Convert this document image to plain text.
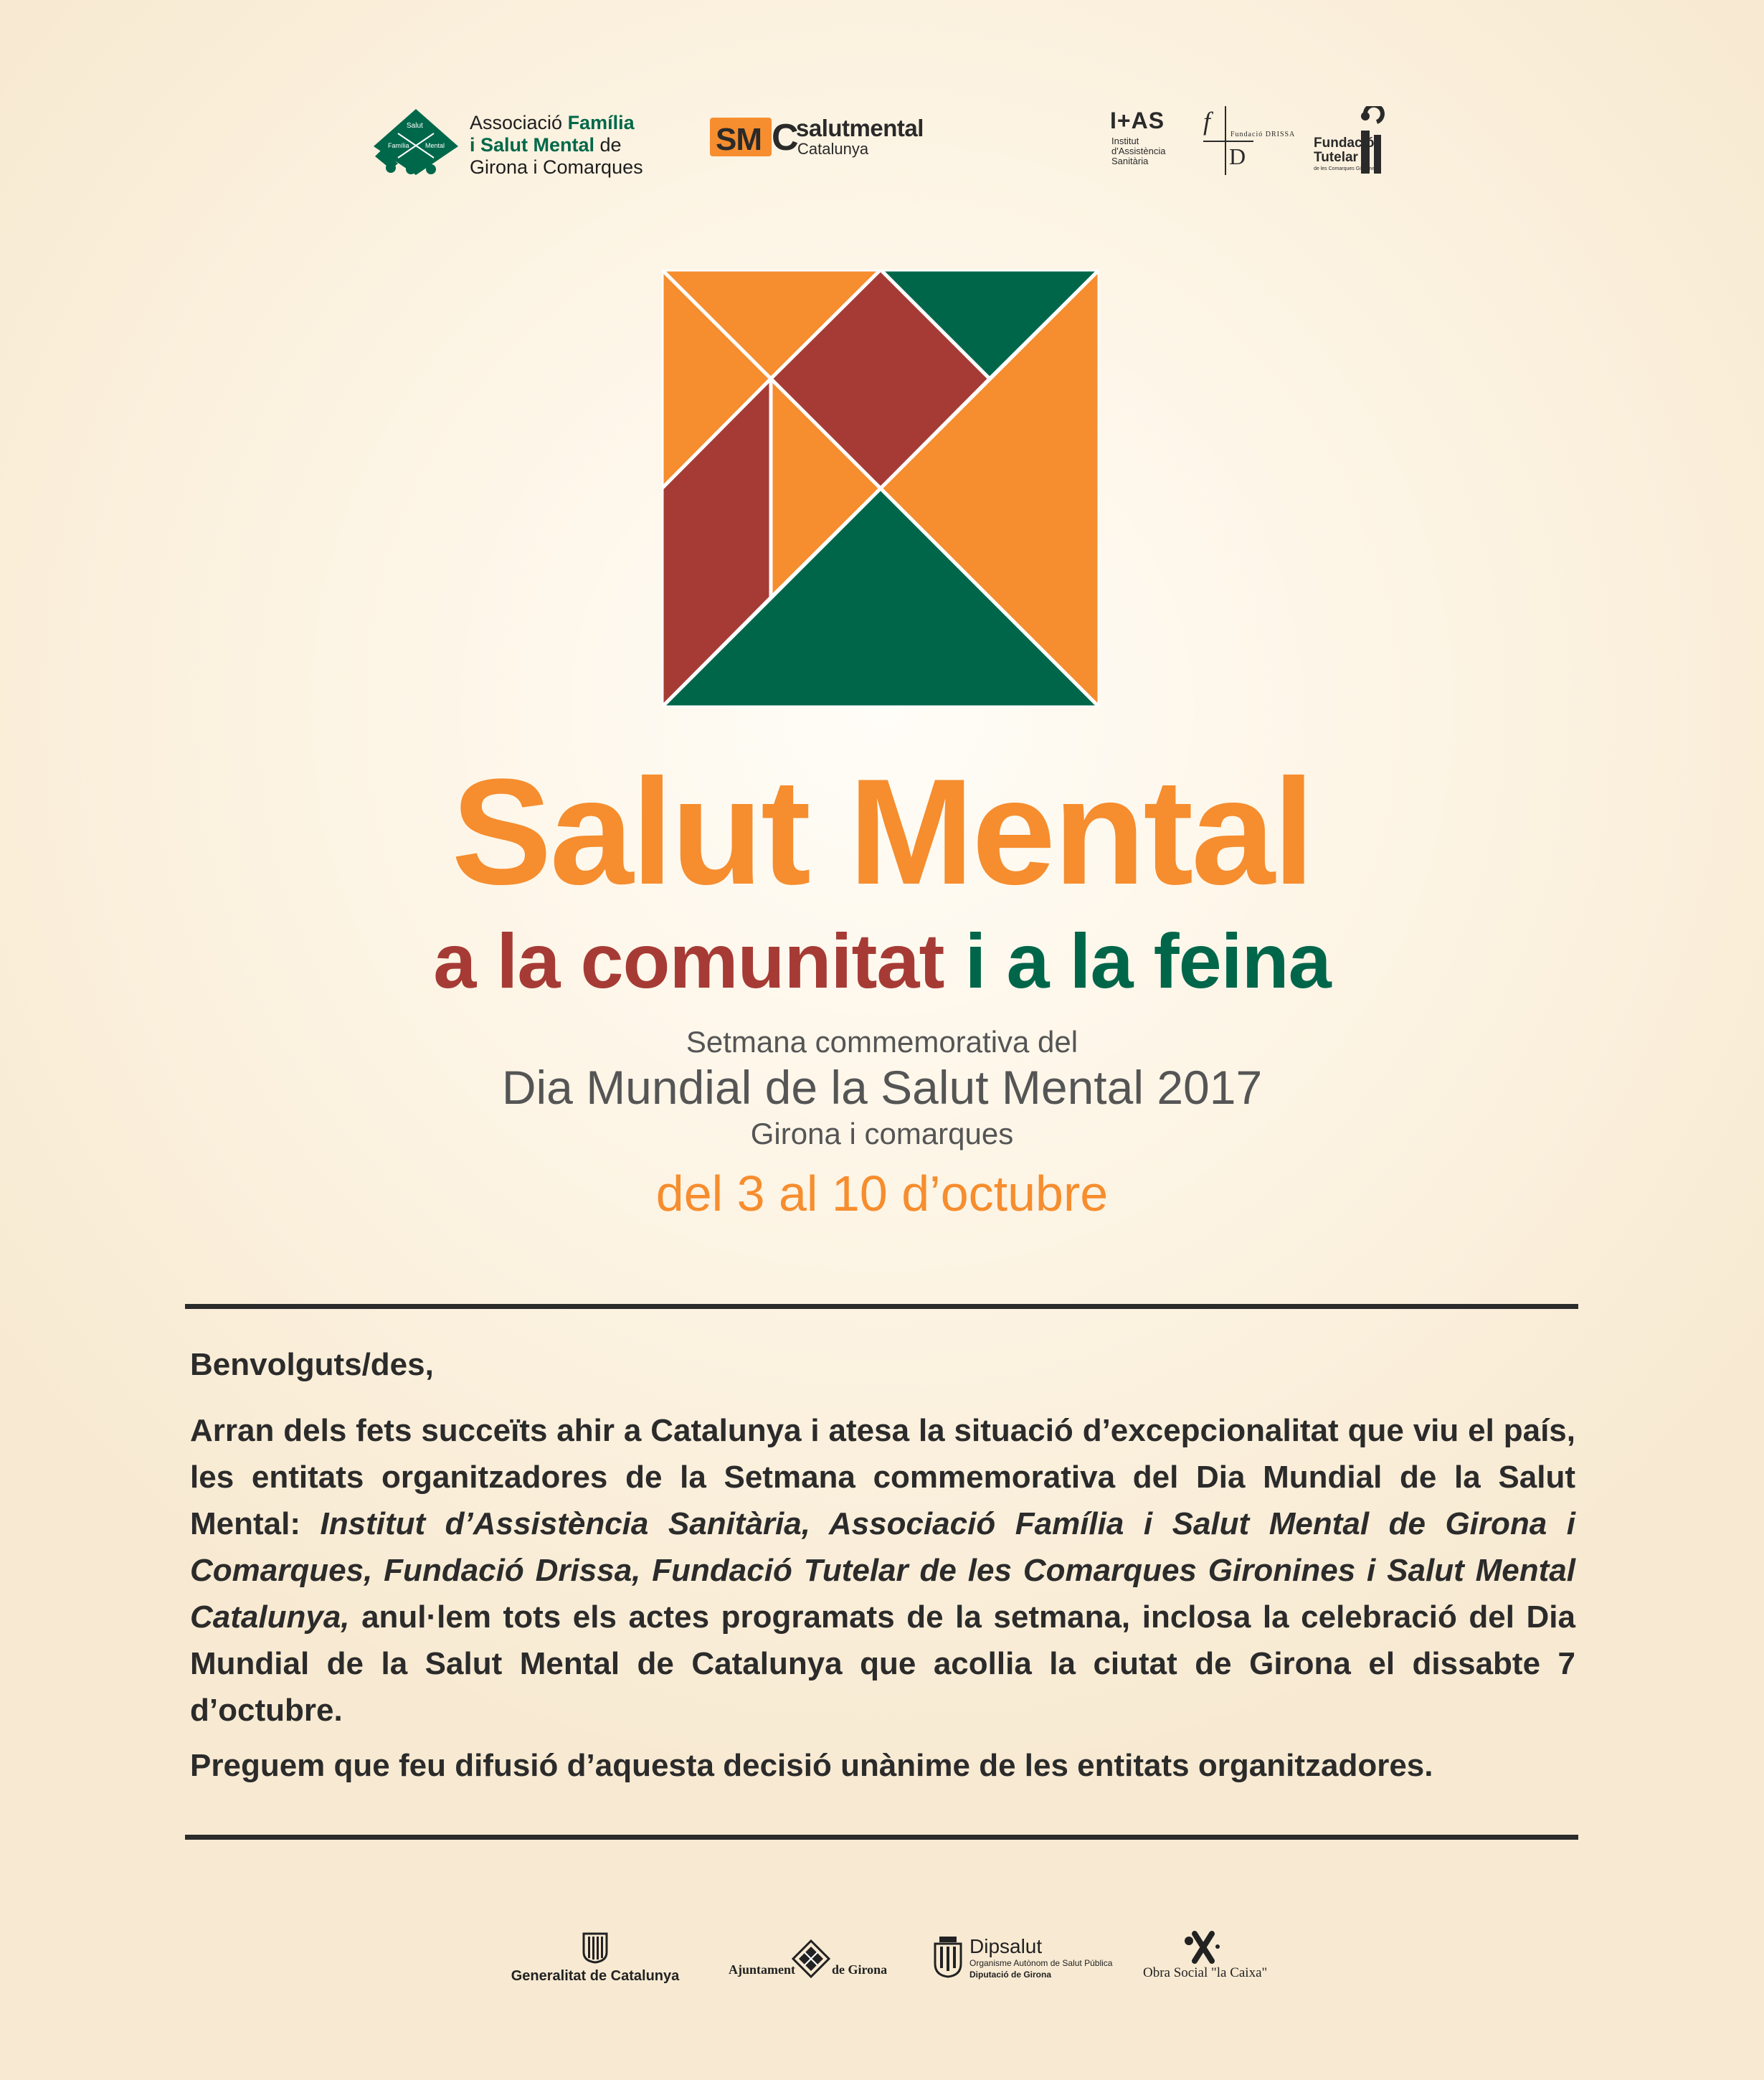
Salut
Família Mental
Associació Família
i Salut Mental de
Girona i Comarques
SM C
salutmental
Catalunya
I+AS
Institut
d'Assistència
Sanitària
f	Fundació DRISSA
D
Fundació
Tutelar
de les Comarques Gironines
Salut Mental
a la comunitat i a la feina
Setmana commemorativa del
Dia Mundial de la Salut Mental 2017
Girona i comarques
del 3 al 10 d’octubre

Benvolguts/des,

Arran dels fets succeïts ahir a Catalunya i atesa la situació d’excepcionalitat que viu el país, les entitats organitzadores de la Setmana commemorativa del Dia Mundial de la Salut Mental: Institut d’Assistència Sanitària, Associació Família i Salut Mental de Girona i Comarques, Fundació Drissa, Fundació Tutelar de les Comarques Gironines i Salut Mental Catalunya, anul·lem tots els actes programats de la setmana, inclosa la celebració del Dia Mundial de la Salut Mental de Catalunya que acollia la ciutat de Girona el dissabte 7 d’octubre.

Preguem que feu difusió d’aquesta decisió unànime de les entitats organitzadores.

Generalitat de Catalunya	Ajuntament	de Girona
Dipsalut
Organisme Autònom de Salut Pública
Diputació de Girona	Obra Social "la Caixa"
